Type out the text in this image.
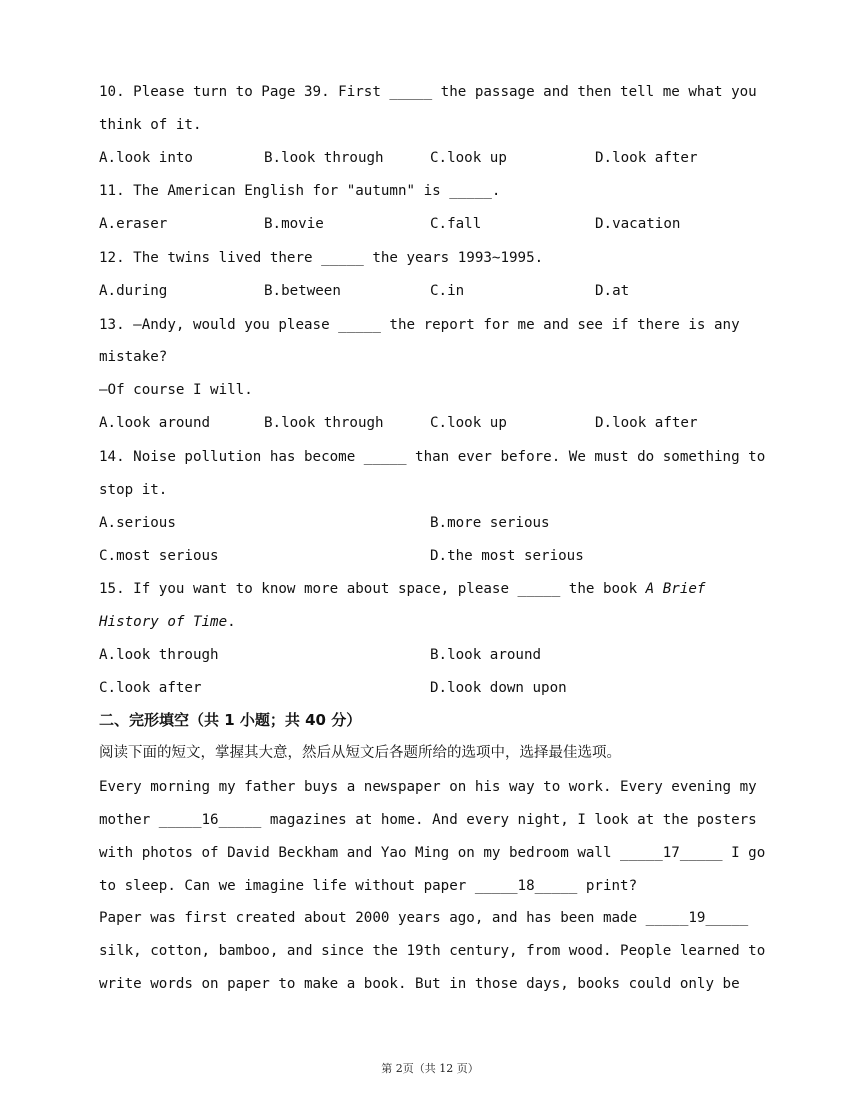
10. Please turn to Page 39. First _____ the passage and then tell me what you
think of it.
A.look into	B.look through	C.look up	D.look after
11. The American English for "autumn" is _____.
A.eraser	B.movie	C.fall	D.vacation
12. The twins lived there _____ the years 1993~1995.
A.during	B.between	C.in	D.at
13. —Andy, would you please _____ the report for me and see if there is any
mistake?
—Of course I will.
A.look around	B.look through	C.look up	D.look after
14. Noise pollution has become _____ than ever before. We must do something to
stop it.
A.serious	B.more serious
C.most serious	D.the most serious
15. If you want to know more about space, please _____ the book A Brief
History of Time.
A.look through	B.look around
C.look after	D.look down upon
二、完形填空（共 1 小题；共 40 分）
阅读下面的短文，掌握其大意，然后从短文后各题所给的选项中，选择最佳选项。
Every morning my father buys a newspaper on his way to work. Every evening my
mother _____16_____ magazines at home. And every night, I look at the posters
with photos of David Beckham and Yao Ming on my bedroom wall _____17_____ I go
to sleep. Can we imagine life without paper _____18_____ print?
Paper was first created about 2000 years ago, and has been made _____19_____
silk, cotton, bamboo, and since the 19th century, from wood. People learned to
write words on paper to make a book. But in those days, books could only be
第 2页（共 12 页）
